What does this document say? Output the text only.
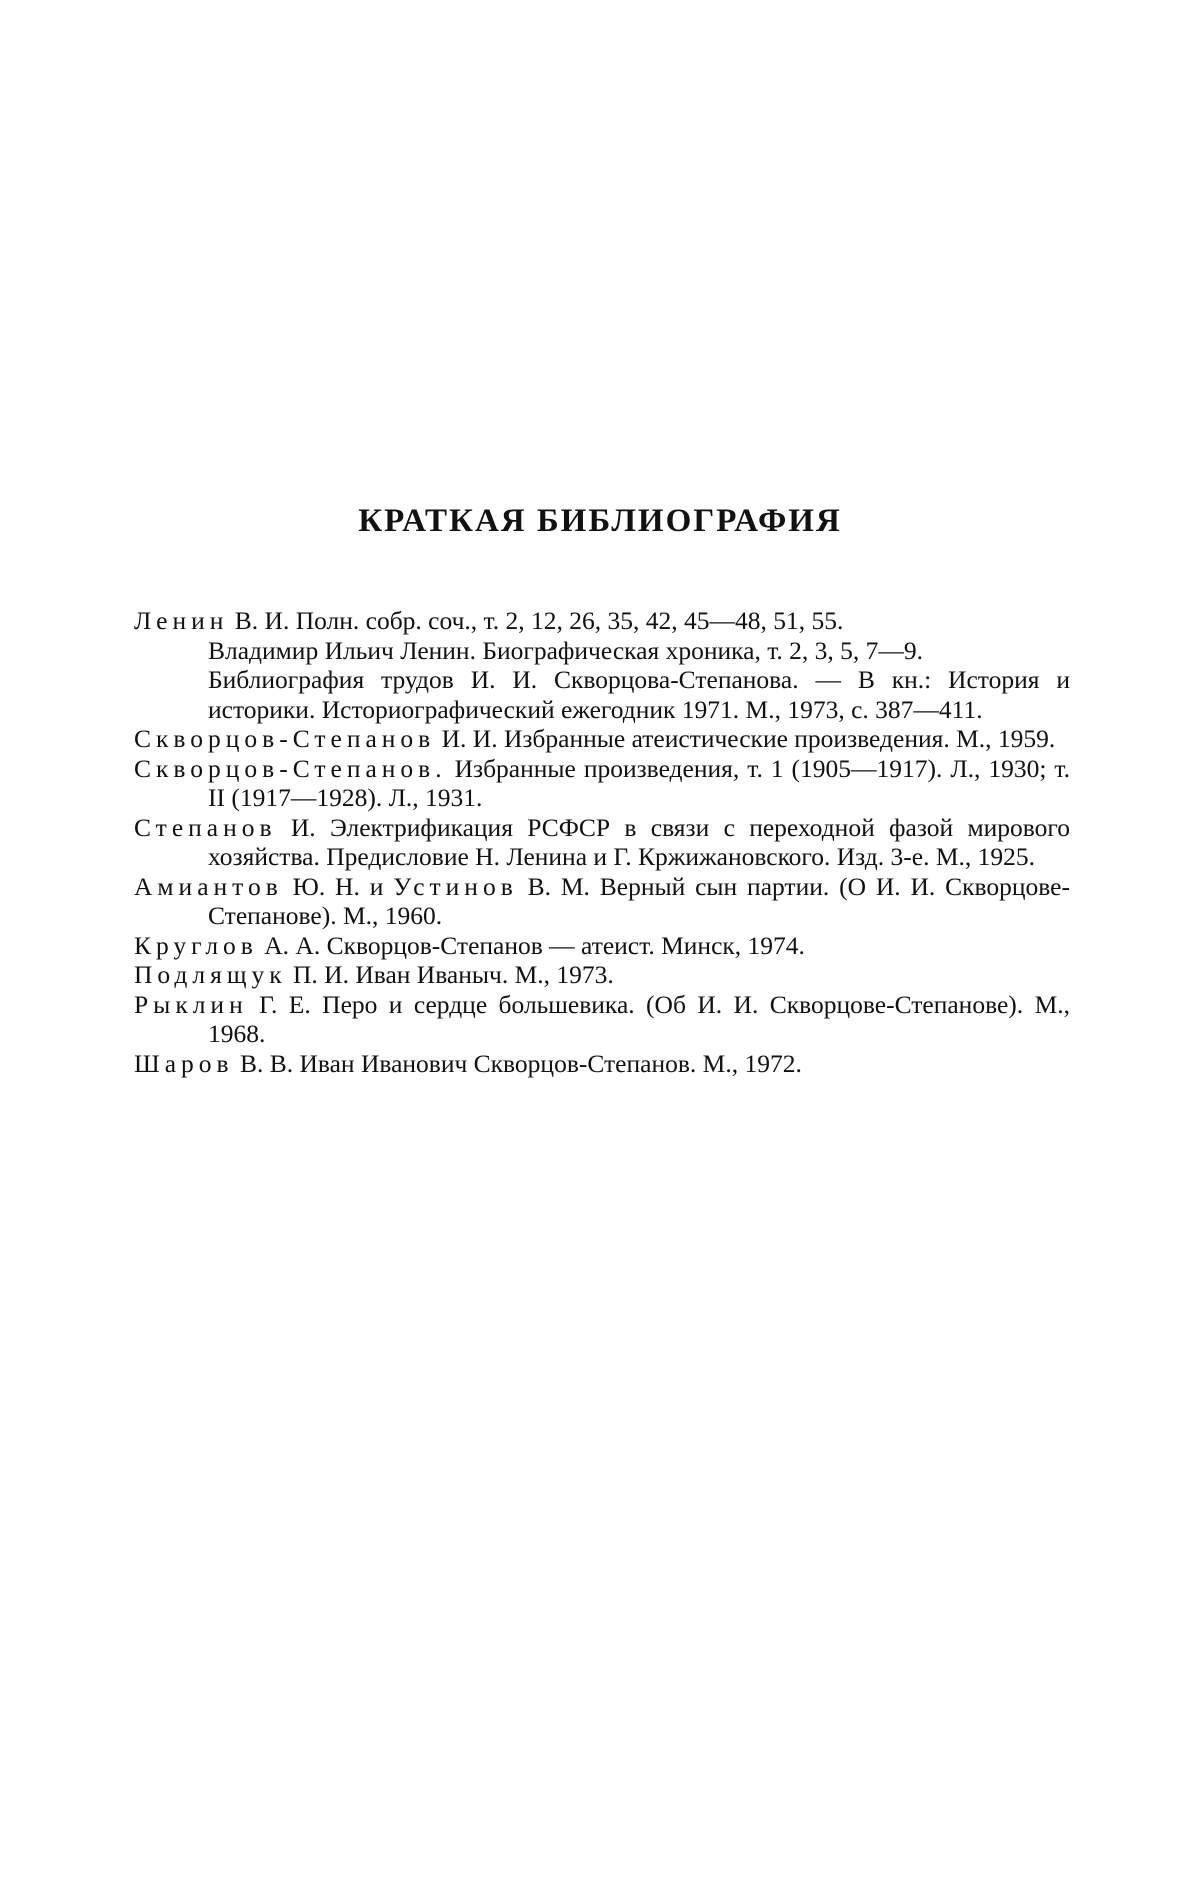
КРАТКАЯ БИБЛИОГРАФИЯ
Ленин В. И. Полн. собр. соч., т. 2, 12, 26, 35, 42, 45—48, 51, 55.
Владимир Ильич Ленин. Биографическая хроника, т. 2, 3, 5, 7—9.
Библиография трудов И. И. Скворцова-Степанова. — В кн.: История и историки. Историографический ежегодник 1971. М., 1973, с. 387—411.
Скворцов-Степанов И. И. Избранные атеистические произведения. М., 1959.
Скворцов-Степанов. Избранные произведения, т. 1 (1905—1917). Л., 1930; т. II (1917—1928). Л., 1931.
Степанов И. Электрификация РСФСР в связи с переходной фазой мирового хозяйства. Предисловие Н. Ленина и Г. Кржижановского. Изд. 3-е. М., 1925.
Амиантов Ю. Н. и Устинов В. М. Верный сын партии. (О И. И. Скворцове-Степанове). М., 1960.
Круглов А. А. Скворцов-Степанов — атеист. Минск, 1974.
Подлящук П. И. Иван Иваныч. М., 1973.
Рыклин Г. Е. Перо и сердце большевика. (Об И. И. Скворцове-Степанове). М., 1968.
Шаров В. В. Иван Иванович Скворцов-Степанов. М., 1972.
